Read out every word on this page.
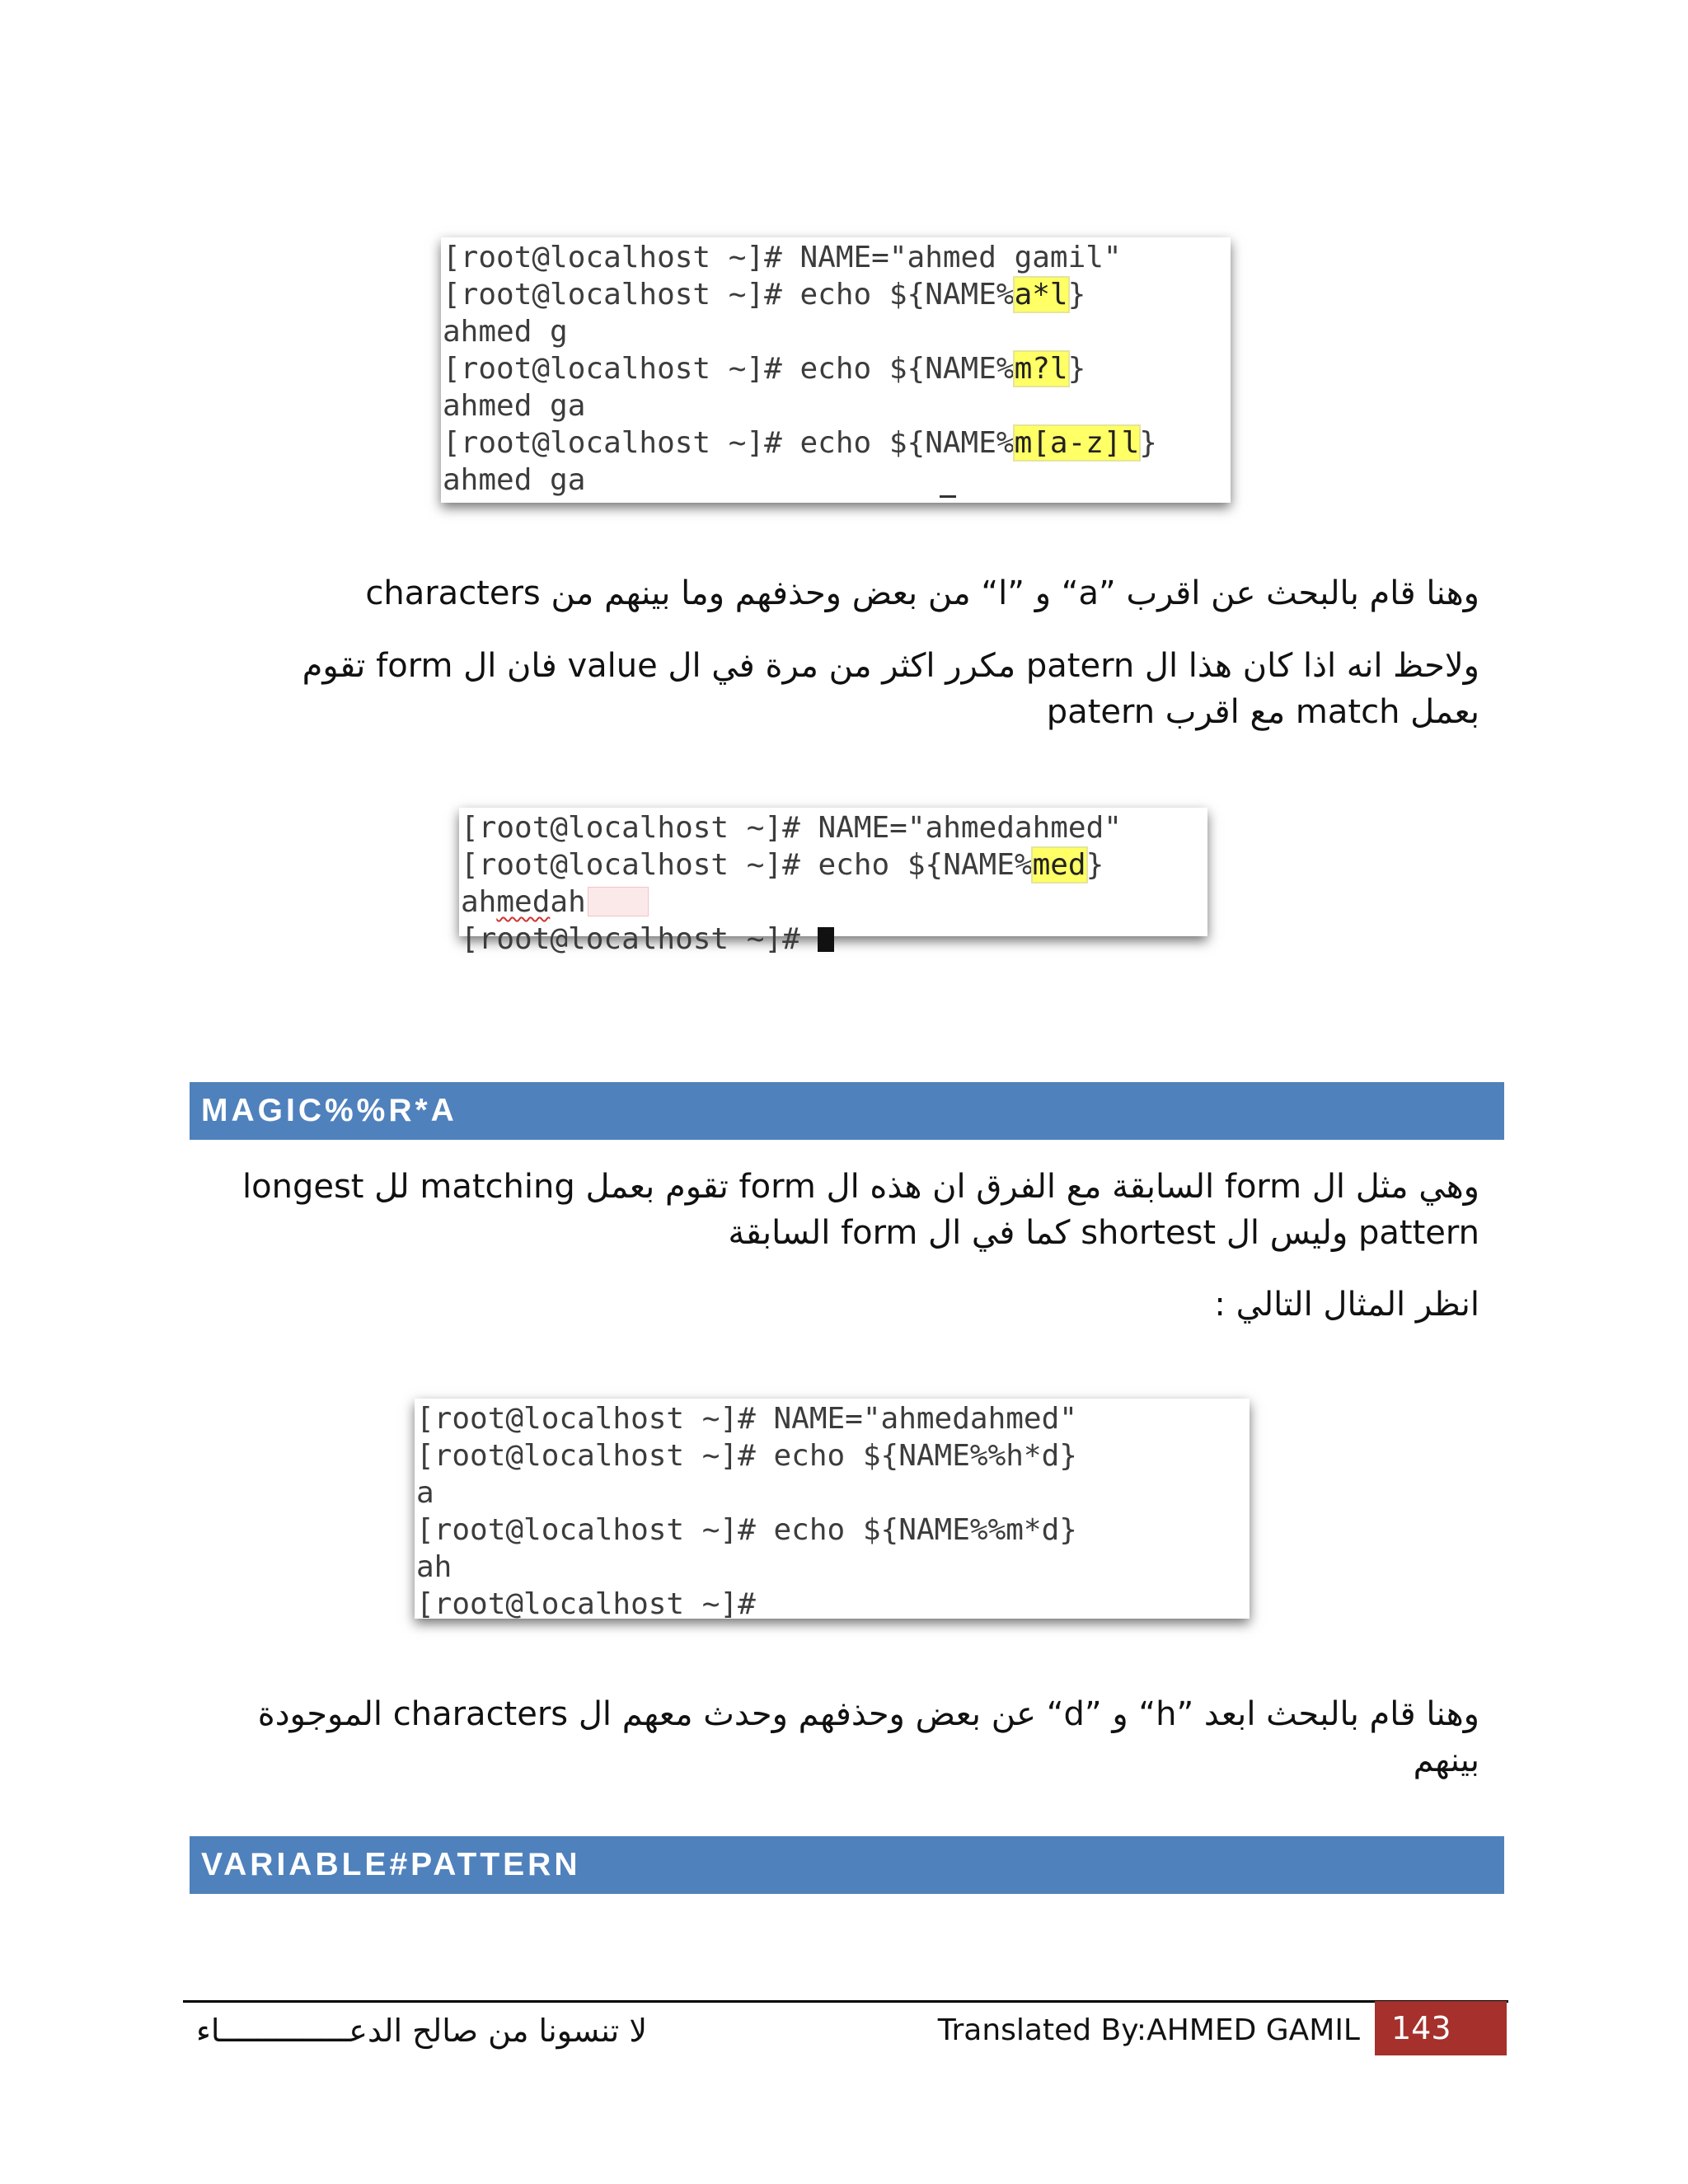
[root@localhost ~]# NAME="ahmed gamil"
[root@localhost ~]# echo ${NAME%a*l}
ahmed g
[root@localhost ~]# echo ${NAME%m?l}
ahmed ga
[root@localhost ~]# echo ${NAME%m[a-z]l}
ahmed ga

وهنا قام بالبحث عن اقرب ”a“ و ”l“ من بعض وحذفهم وما بينهم من characters

ولاحظ انه اذا كان هذا ال patern مكرر اكثر من مرة في ال value فان ال form تقوم بعمل match مع اقرب patern

[root@localhost ~]# NAME="ahmedahmed"
[root@localhost ~]# echo ${NAME%med}
ahmedah
[root@localhost ~]#
MAGIC%%R*A

وهي مثل ال form السابقة مع الفرق ان هذه ال form تقوم بعمل matching لل longest pattern وليس ال shortest كما في ال form السابقة

انظر المثال التالي :

[root@localhost ~]# NAME="ahmedahmed"
[root@localhost ~]# echo ${NAME%%h*d}
a
[root@localhost ~]# echo ${NAME%%m*d}
ah
[root@localhost ~]#

وهنا قام بالبحث ابعد ”h“ و ”d“ عن بعض وحذفهم وحدث معهم ال characters الموجودة بينهم

VARIABLE#PATTERN
لا تنسونا من صالح الدعــــــــــــــاء	Translated By:AHMED GAMIL	143
